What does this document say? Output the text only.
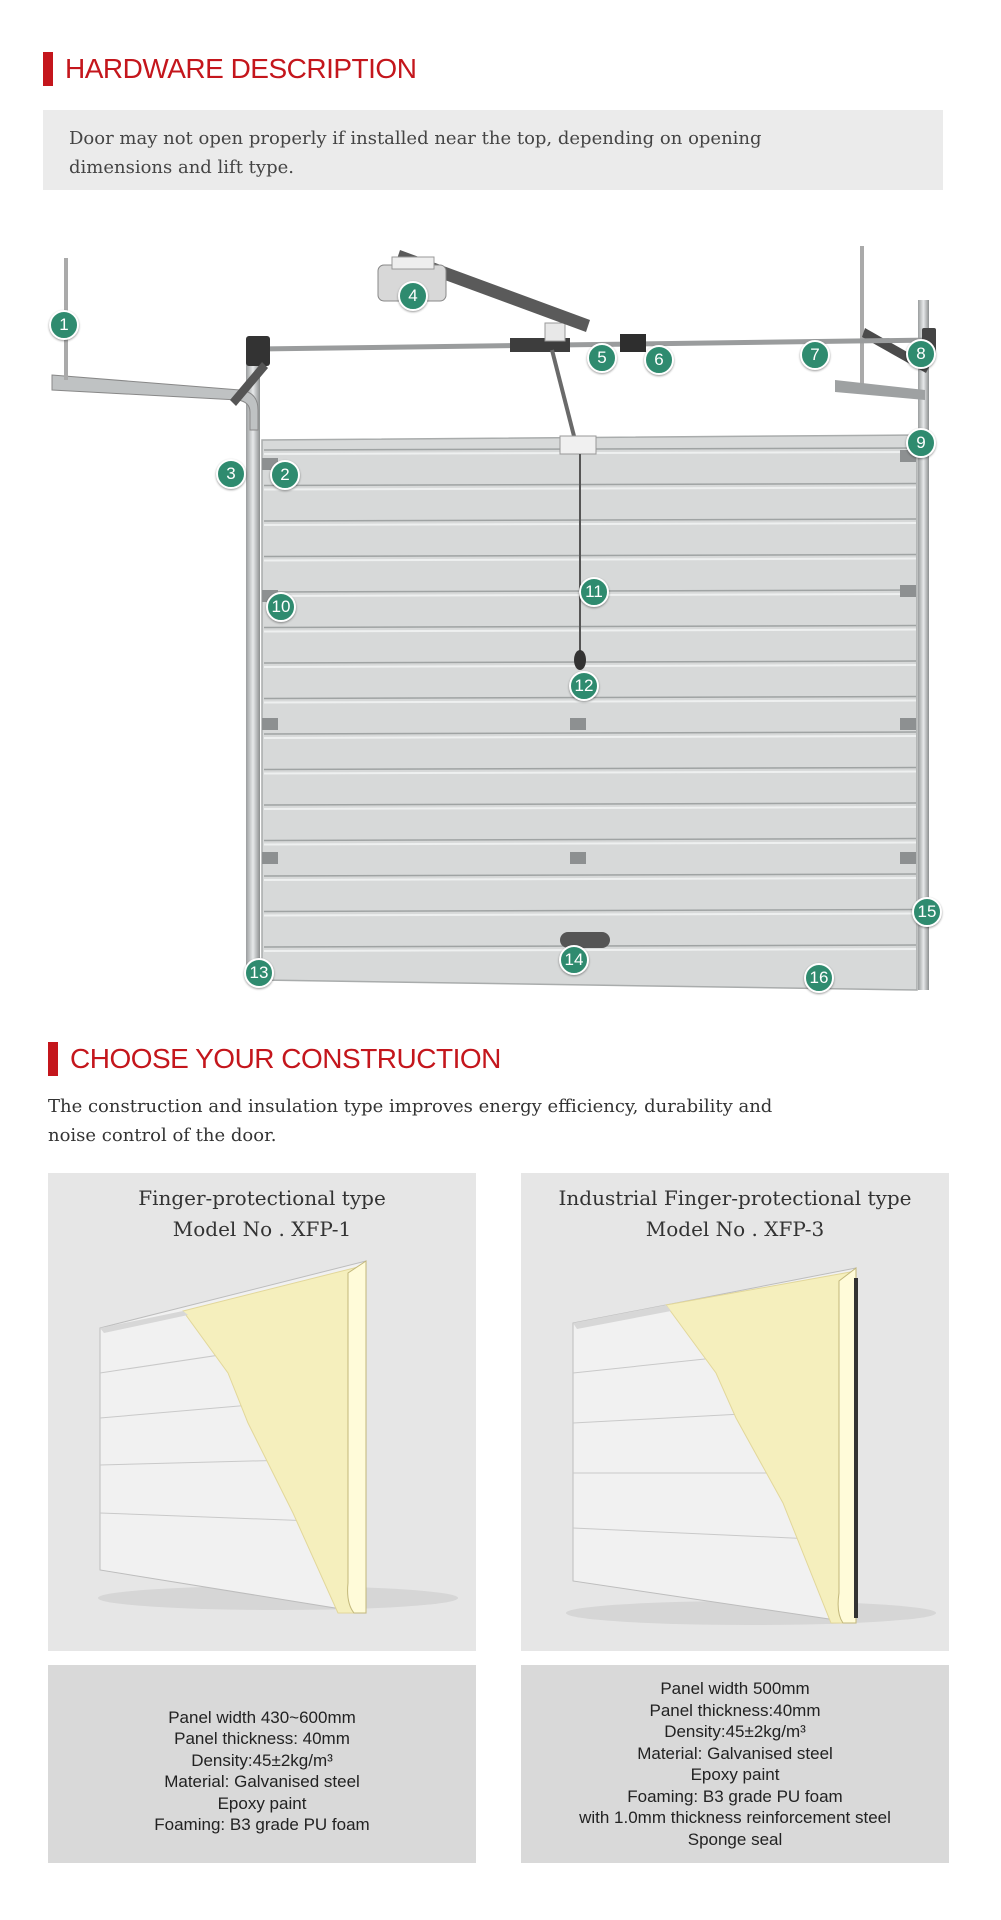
HARDWARE DESCRIPTION
Door may not open properly if installed near the top, depending on opening
dimensions and lift type.
1
2
3
4
5	6	7	8
9
10
11
12
13
14
15
16
CHOOSE YOUR CONSTRUCTION
The construction and insulation type improves energy efficiency, durability and
noise control of the door.
Finger-protectional type
Model No . XFP-1
Industrial Finger-protectional type
Model No . XFP-3
Panel width 430~600mm
Panel thickness: 40mm
Density:45±2kg/m³
Material: Galvanised steel
Epoxy paint
Foaming: B3 grade PU foam
Panel width 500mm
Panel thickness:40mm
Density:45±2kg/m³
Material: Galvanised steel
Epoxy paint
Foaming: B3 grade PU foam
with 1.0mm thickness reinforcement steel
Sponge seal
